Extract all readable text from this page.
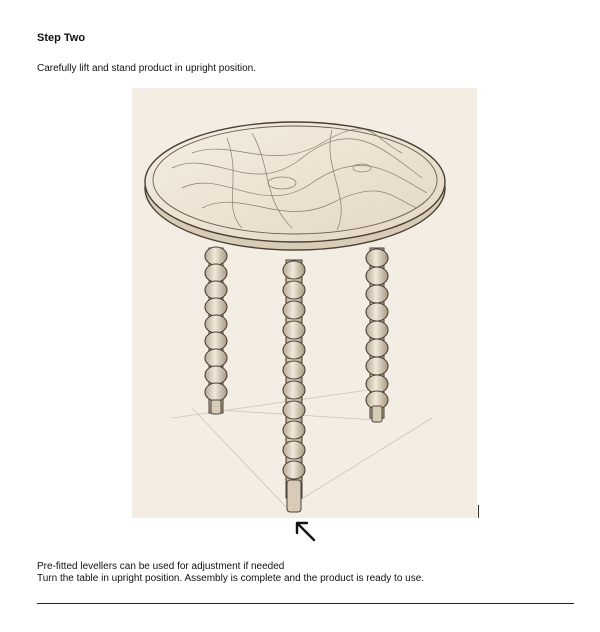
Step Two

Carefully lift and stand product in upright position.

Pre-fitted levellers can be used for adjustment if needed
Turn the table in upright position. Assembly is complete and the product is ready to use.
